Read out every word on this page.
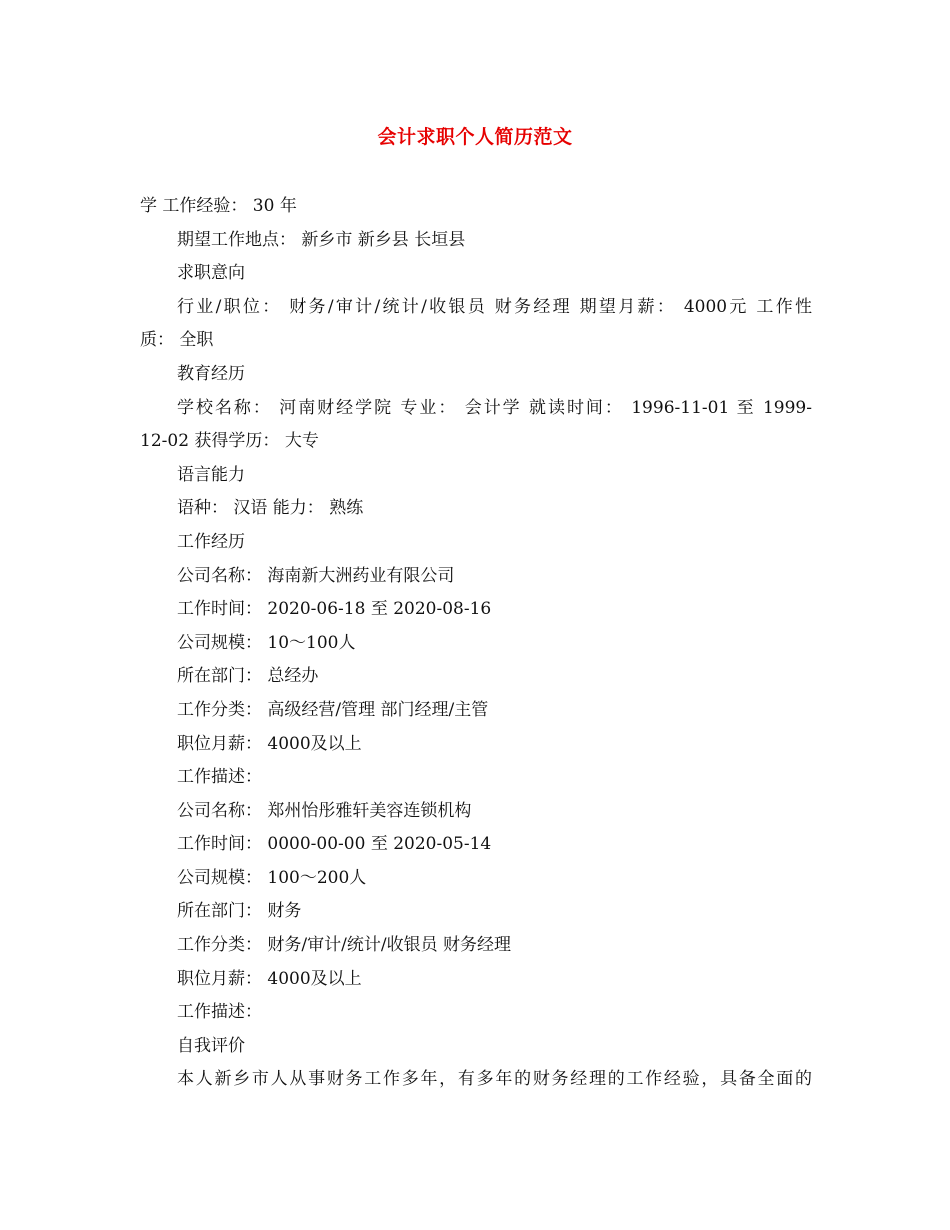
会计求职个人简历范文
学 工作经验： 30 年
期望工作地点： 新乡市 新乡县 长垣县
求职意向
行业/职位： 财务/审计/统计/收银员 财务经理 期望月薪： 4000元 工作性
质： 全职
教育经历
学校名称： 河南财经学院 专业： 会计学 就读时间： 1996-11-01 至 1999-
12-02 获得学历： 大专
语言能力
语种： 汉语 能力： 熟练
工作经历
公司名称： 海南新大洲药业有限公司
工作时间： 2020-06-18 至 2020-08-16
公司规模： 10～100人
所在部门： 总经办
工作分类： 高级经营/管理 部门经理/主管
职位月薪： 4000及以上
工作描述：
公司名称： 郑州怡彤雅轩美容连锁机构
工作时间： 0000-00-00 至 2020-05-14
公司规模： 100～200人
所在部门： 财务
工作分类： 财务/审计/统计/收银员 财务经理
职位月薪： 4000及以上
工作描述：
自我评价
本人新乡市人从事财务工作多年，有多年的财务经理的工作经验，具备全面的
